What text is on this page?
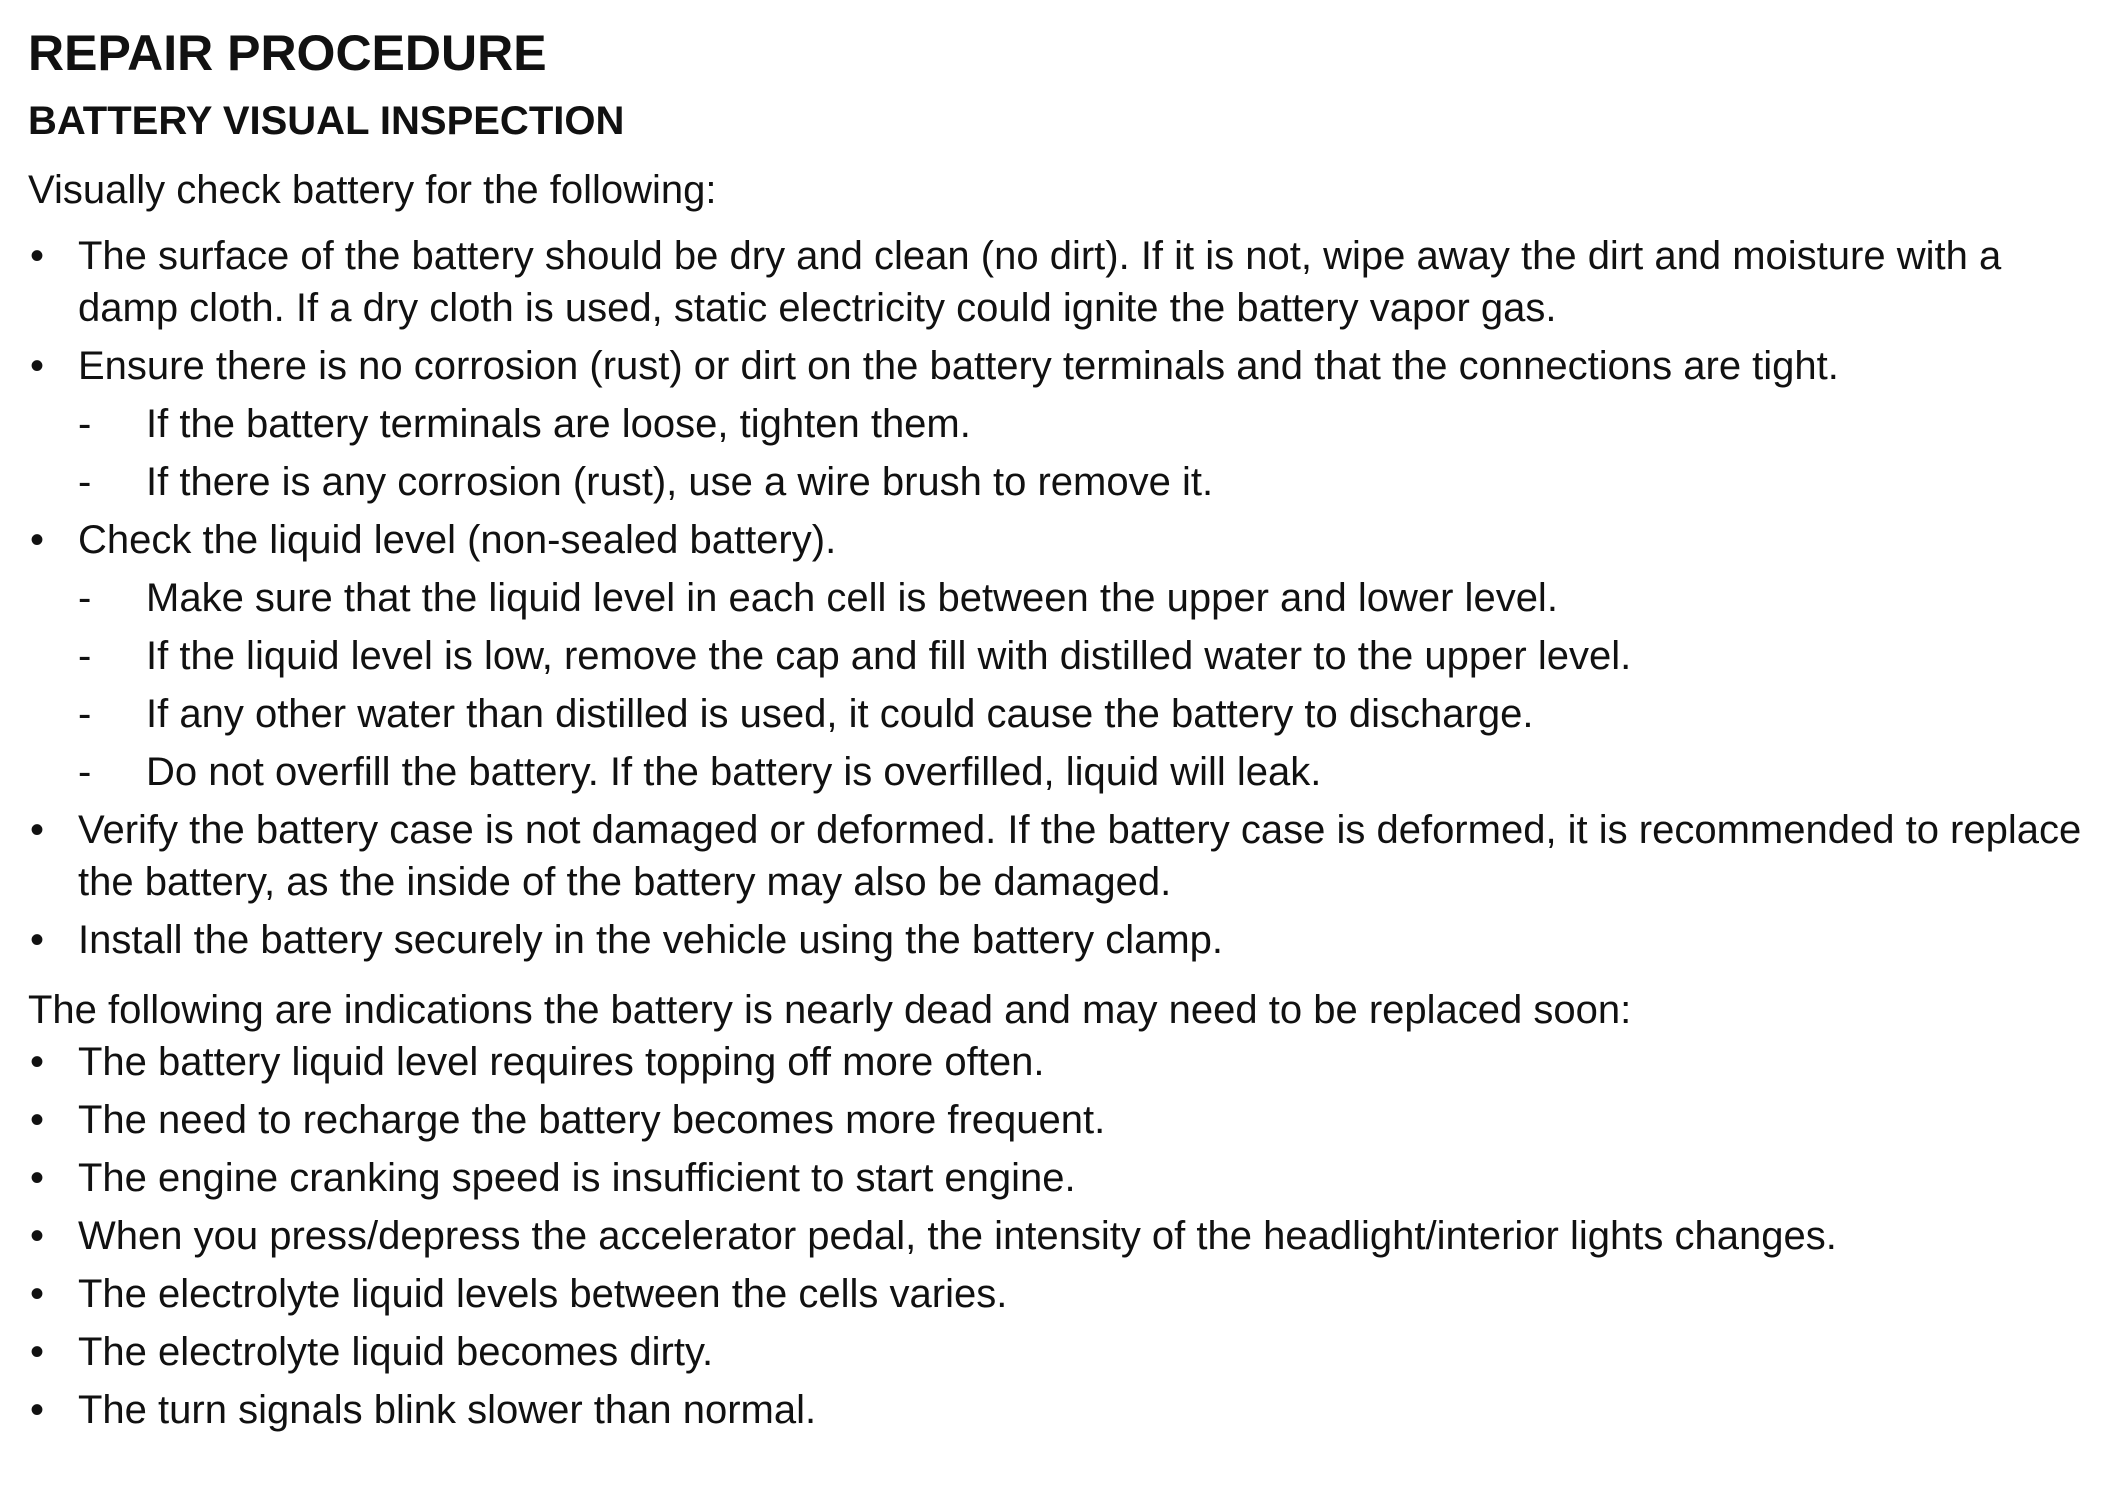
REPAIR PROCEDURE
BATTERY VISUAL INSPECTION
Visually check battery for the following:
• The surface of the battery should be dry and clean (no dirt). If it is not, wipe away the dirt and moisture with a damp cloth. If a dry cloth is used, static electricity could ignite the battery vapor gas.
• Ensure there is no corrosion (rust) or dirt on the battery terminals and that the connections are tight.
- If the battery terminals are loose, tighten them.
- If there is any corrosion (rust), use a wire brush to remove it.
• Check the liquid level (non-sealed battery).
- Make sure that the liquid level in each cell is between the upper and lower level.
- If the liquid level is low, remove the cap and fill with distilled water to the upper level.
- If any other water than distilled is used, it could cause the battery to discharge.
- Do not overfill the battery. If the battery is overfilled, liquid will leak.
• Verify the battery case is not damaged or deformed. If the battery case is deformed, it is recommended to replace the battery, as the inside of the battery may also be damaged.
• Install the battery securely in the vehicle using the battery clamp.
The following are indications the battery is nearly dead and may need to be replaced soon:
• The battery liquid level requires topping off more often.
• The need to recharge the battery becomes more frequent.
• The engine cranking speed is insufficient to start engine.
• When you press/depress the accelerator pedal, the intensity of the headlight/interior lights changes.
• The electrolyte liquid levels between the cells varies.
• The electrolyte liquid becomes dirty.
• The turn signals blink slower than normal.
